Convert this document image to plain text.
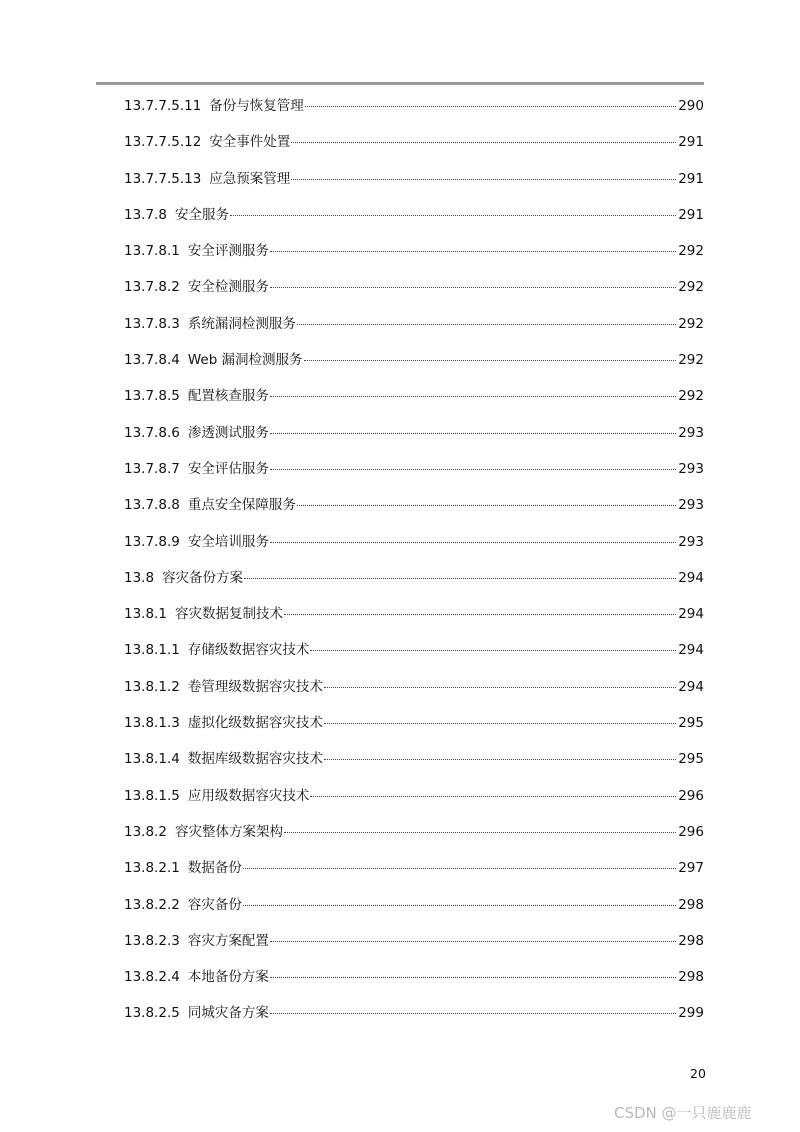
13.7.7.5.11 备份与恢复管理	290
13.7.7.5.12 安全事件处置	291
13.7.7.5.13 应急预案管理	291
13.7.8 安全服务	291
13.7.8.1 安全评测服务	292
13.7.8.2 安全检测服务	292
13.7.8.3 系统漏洞检测服务	292
13.7.8.4 Web 漏洞检测服务	292
13.7.8.5 配置核查服务	292
13.7.8.6 渗透测试服务	293
13.7.8.7 安全评估服务	293
13.7.8.8 重点安全保障服务	293
13.7.8.9 安全培训服务	293
13.8 容灾备份方案	294
13.8.1 容灾数据复制技术	294
13.8.1.1 存储级数据容灾技术	294
13.8.1.2 卷管理级数据容灾技术	294
13.8.1.3 虚拟化级数据容灾技术	295
13.8.1.4 数据库级数据容灾技术	295
13.8.1.5 应用级数据容灾技术	296
13.8.2 容灾整体方案架构	296
13.8.2.1 数据备份	297
13.8.2.2 容灾备份	298
13.8.2.3 容灾方案配置	298
13.8.2.4 本地备份方案	298
13.8.2.5 同城灾备方案	299
20
CSDN @一只鹿鹿鹿
